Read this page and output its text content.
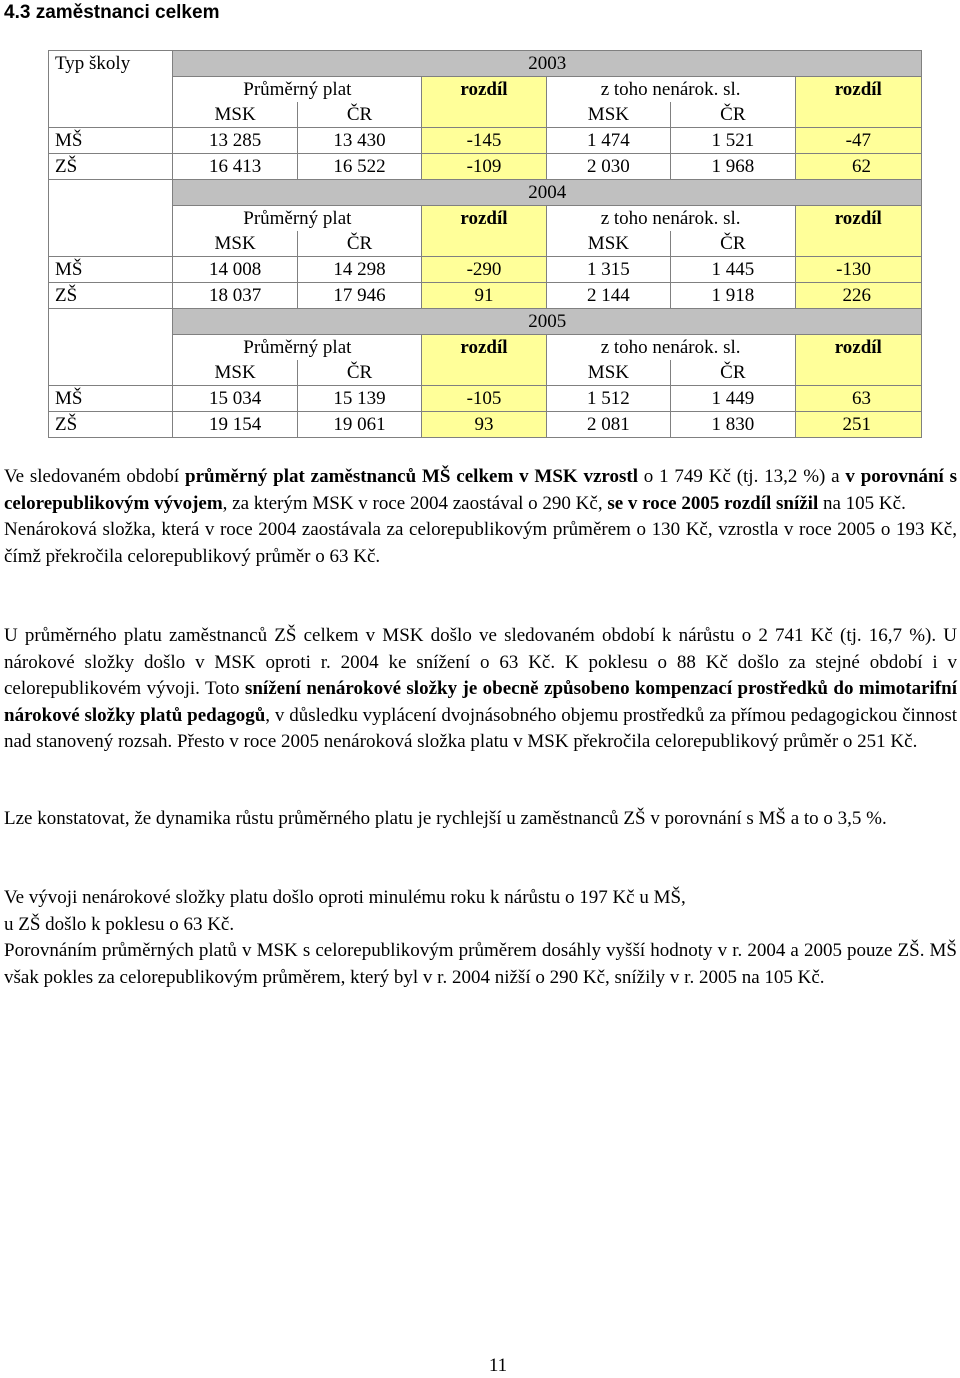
4.3 zaměstnanci celkem
Typ školy	2003					
	Průměrný plat		rozdíl	z toho nenárok. sl.		rozdíl
	MSK	ČR		MSK	ČR	
MŠ	13 285	13 430	-145	1 474	1 521	-47
ZŠ	16 413	16 522	-109	2 030	1 968	62
	2004					
	Průměrný plat		rozdíl	z toho nenárok. sl.		rozdíl
	MSK	ČR		MSK	ČR	
MŠ	14 008	14 298	-290	1 315	1 445	-130
ZŠ	18 037	17 946	91	2 144	1 918	226
	2005					
	Průměrný plat		rozdíl	z toho nenárok. sl.		rozdíl
	MSK	ČR		MSK	ČR	
MŠ	15 034	15 139	-105	1 512	1 449	63
ZŠ	19 154	19 061	93	2 081	1 830	251

Ve sledovaném období průměrný plat zaměstnanců MŠ celkem v MSK vzrostl o 1 749 Kč (tj. 13,2 %) a v porovnání s celorepublikovým vývojem, za kterým MSK v roce 2004 zaostával o 290 Kč, se v roce 2005 rozdíl snížil na 105 Kč.

Nenároková složka, která v roce 2004 zaostávala za celorepublikovým průměrem o 130 Kč, vzrostla v roce 2005 o 193 Kč, čímž překročila celorepublikový průměr o 63 Kč.

U průměrného platu zaměstnanců ZŠ celkem v MSK došlo ve sledovaném období k nárůstu o 2 741 Kč (tj. 16,7 %). U nárokové složky došlo v MSK oproti r. 2004 ke snížení o 63 Kč. K poklesu o 88 Kč došlo za stejné období i v celorepublikovém vývoji. Toto snížení nenárokové složky je obecně způsobeno kompenzací prostředků do mimotarifní nárokové složky platů pedagogů, v důsledku vyplácení dvojnásobného objemu prostředků za přímou pedagogickou činnost nad stanovený rozsah. Přesto v roce 2005 nenároková složka platu v MSK překročila celorepublikový průměr o 251 Kč.

Lze konstatovat, že dynamika růstu průměrného platu je rychlejší u zaměstnanců ZŠ v porovnání s MŠ a to o 3,5 %.

Ve vývoji nenárokové složky platu došlo oproti minulému roku k nárůstu o 197 Kč u MŠ,

u ZŠ došlo k poklesu o 63 Kč.

Porovnáním průměrných platů v MSK s celorepublikovým průměrem dosáhly vyšší hodnoty v r. 2004 a 2005 pouze ZŠ. MŠ však pokles za celorepublikovým průměrem, který byl v r. 2004 nižší o 290 Kč, snížily v r. 2005 na 105 Kč.

11
